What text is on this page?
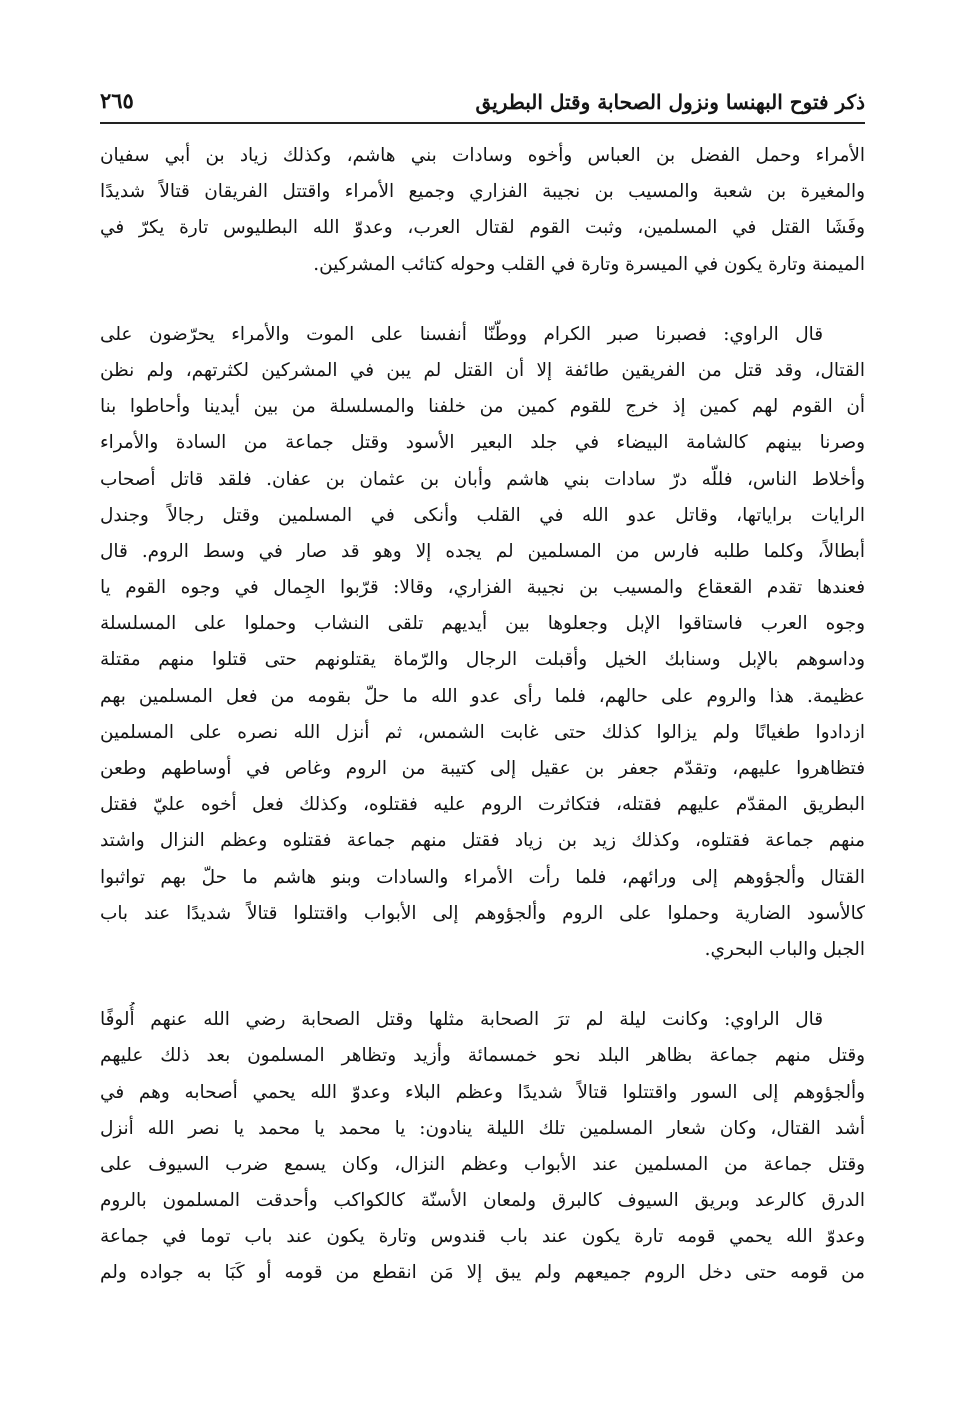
ذكر فتوح البهنسا ونزول الصحابة وقتل البطريق
٢٦٥
الأمراء وحمل الفضل بن العباس وأخوه وسادات بني هاشم، وكذلك زياد بن أبي سفيان
والمغيرة بن شعبة والمسيب بن نجيبة الفزاري وجميع الأمراء واقتتل الفريقان قتالاً شديدًا
وفَشَا القتل في المسلمين، وثبت القوم لقتال العرب، وعدوّ الله البطليوس تارة يكرّ في
الميمنة وتارة يكون في الميسرة وتارة في القلب وحوله كتائب المشركين.
قال الراوي: فصبرنا صبر الكرام ووطّنّا أنفسنا على الموت والأمراء يحرّضون على
القتال، وقد قتل من الفريقين طائفة إلا أن القتل لم يبن في المشركين لكثرتهم، ولم نظن
أن القوم لهم كمين إذ خرج للقوم كمين من خلفنا والمسلسلة من بين أيدينا وأحاطوا بنا
وصرنا بينهم كالشامة البيضاء في جلد البعير الأسود وقتل جماعة من السادة والأمراء
وأخلاط الناس، فللّه درّ سادات بني هاشم وأبان بن عثمان بن عفان. فلقد قاتل أصحاب
الرايات براياتها، وقاتل عدو الله في القلب وأنكى في المسلمين وقتل رجالاً وجندل
أبطالاً، وكلما طلبه فارس من المسلمين لم يجده إلا وهو قد صار في وسط الروم. قال
فعندها تقدم القعقاع والمسيب بن نجيبة الفزاري، وقالا: قرّبوا الجِمال في وجوه القوم يا
وجوه العرب فاستاقوا الإبل وجعلوها بين أيديهم تلقى النشاب وحملوا على المسلسلة
وداسوهم بالإبل وسنابك الخيل وأقبلت الرجال والرّماة يقتلونهم حتى قتلوا منهم مقتلة
عظيمة. هذا والروم على حالهم، فلما رأى عدو الله ما حلّ بقومه من فعل المسلمين بهم
ازدادوا طغيانًا ولم يزالوا كذلك حتى غابت الشمس، ثم أنزل الله نصره على المسلمين
فتظاهروا عليهم، وتقدّم جعفر بن عقيل إلى كتيبة من الروم وغاص في أوساطهم وطعن
البطريق المقدّم عليهم فقتله، فتكاثرت الروم عليه فقتلوه، وكذلك فعل أخوه عليّ فقتل
منهم جماعة فقتلوه، وكذلك زيد بن زياد فقتل منهم جماعة فقتلوه وعظم النزال واشتد
القتال وألجؤوهم إلى ورائهم، فلما رأت الأمراء والسادات وبنو هاشم ما حلّ بهم تواثبوا
كالأسود الضارية وحملوا على الروم وألجؤوهم إلى الأبواب واقتتلوا قتالاً شديدًا عند باب
الجبل والباب البحري.
قال الراوي: وكانت ليلة لم ترَ الصحابة مثلها وقتل الصحابة رضي الله عنهم أُلوفًا
وقتل منهم جماعة بظاهر البلد نحو خمسمائة وأزيد وتظاهر المسلمون بعد ذلك عليهم
وألجؤوهم إلى السور واقتتلوا قتالاً شديدًا وعظم البلاء وعدوّ الله يحمي أصحابه وهم في
أشد القتال، وكان شعار المسلمين تلك الليلة ينادون: يا محمد يا محمد يا نصر الله أنزل
وقتل جماعة من المسلمين عند الأبواب وعظم النزال، وكان يسمع ضرب السيوف على
الدرق كالرعد وبريق السيوف كالبرق ولمعان الأسنّة كالكواكب وأحدقت المسلمون بالروم
وعدوّ الله يحمي قومه تارة يكون عند باب قندوس وتارة يكون عند باب توما في جماعة
من قومه حتى دخل الروم جميعهم ولم يبق إلا مَن انقطع من قومه أو كَبَا به جواده ولم
